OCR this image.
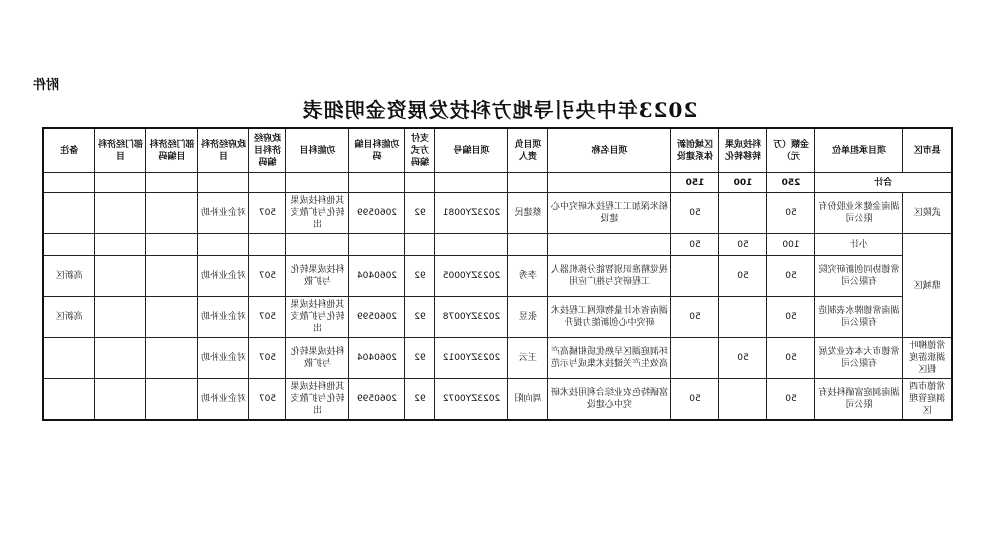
附件
2023年中央引导地方科技发展资金明细表
县市区	项目承担单位	金额（万元）	科技成果转移转化	区域创新体系建设	项目名称	项目负责人	项目编号	支付方式编码	功能科目编码	功能科目	政府经济科目编码	政府经济科目	部门经济科目编码	部门经济科目	备注
合计		250	100	150											
武陵区	湖南金健米业股份有限公司	50		50	稻米深加工工程技术研究中心建设	蔡建民	2023ZY0081	92	2060599	其他科技成果转化与扩散支出	507	对企业补助			
鼎城区	小计	100	50	50											
	常德协同创新研究院有限公司	50	50		视觉精准识别智能分拣机器人工程研究与推广应用	李秀	2023ZY0005	92	2060404	科技成果转化与扩散	507	对企业补助			高新区
	湖南常德牌水表制造有限公司	50		50	湖南省水计量物联网工程技术研究中心创新能力提升	张昱	2023ZY0078	92	2060599	其他科技成果转化与扩散支出	507	对企业补助			高新区
常德柳叶湖旅游度假区	常德市大本农业发展有限公司	50	50		环洞庭湖区早熟优质柑橘高产高效生产关键技术集成与示范	王云	2023ZY0012	92	2060404	科技成果转化与扩散	507	对企业补助			
常德市西洞庭管理区	湖南洞庭富硒科技有限公司	50		50	富硒特色农业综合利用技术研究中心建设	周向阳	2023ZY0072	92	2060599	其他科技成果转化与扩散支出	507	对企业补助			
